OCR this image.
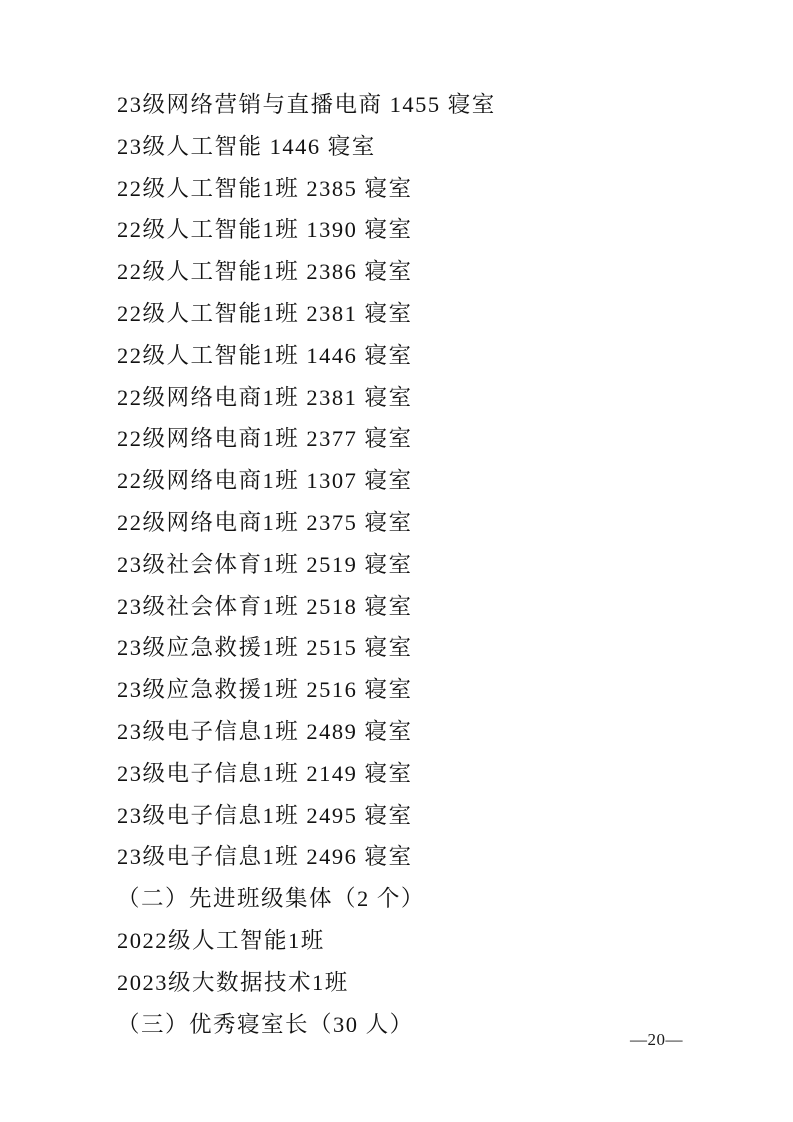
23级网络营销与直播电商 1455 寝室

23级人工智能 1446 寝室

22级人工智能1班 2385 寝室

22级人工智能1班 1390 寝室

22级人工智能1班 2386 寝室

22级人工智能1班 2381 寝室

22级人工智能1班 1446 寝室

22级网络电商1班 2381 寝室

22级网络电商1班 2377 寝室

22级网络电商1班 1307 寝室

22级网络电商1班 2375 寝室

23级社会体育1班 2519 寝室

23级社会体育1班 2518 寝室

23级应急救援1班 2515 寝室

23级应急救援1班 2516 寝室

23级电子信息1班 2489 寝室

23级电子信息1班 2149 寝室

23级电子信息1班 2495 寝室

23级电子信息1班 2496 寝室

（二）先进班级集体（2 个）

2022级人工智能1班

2023级大数据技术1班

（三）优秀寝室长（30 人）

—20—
